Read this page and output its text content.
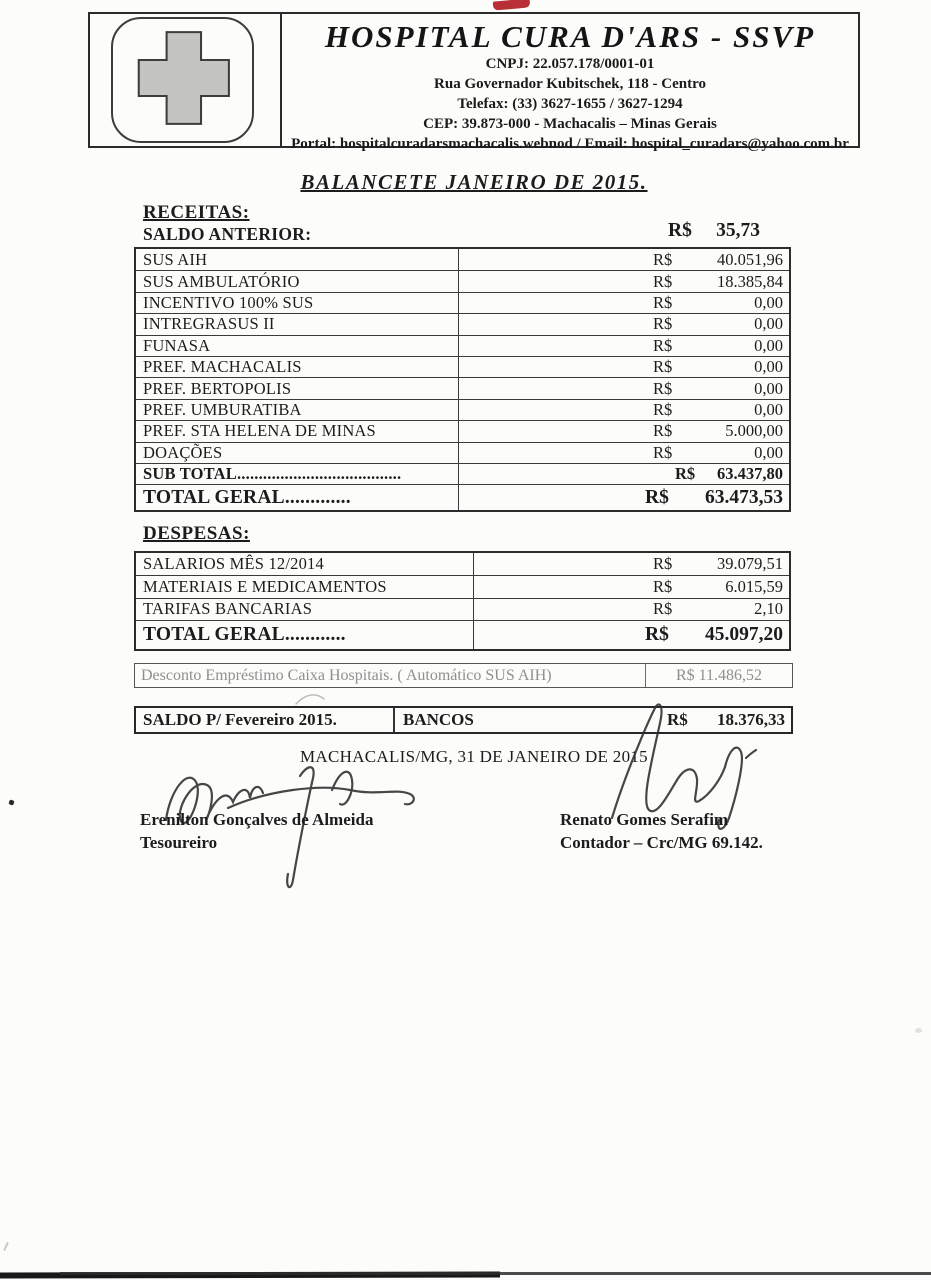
HOSPITAL CURA D'ARS - SSVP
CNPJ: 22.057.178/0001-01
Rua Governador Kubitschek, 118 - Centro
Telefax: (33) 3627-1655 / 3627-1294
CEP: 39.873-000 - Machacalis – Minas Gerais
Portal: hospitalcuradarsmachacalis.webnod / Email: hospital_curadars@yahoo.com.br
BALANCETE JANEIRO DE 2015.
RECEITAS:
SALDO ANTERIOR:	R$ 35,73
SUS AIH	R$	40.051,96
SUS AMBULATÓRIO	R$	18.385,84
INCENTIVO 100% SUS	R$	0,00
INTREGRASUS II	R$	0,00
FUNASA	R$	0,00
PREF. MACHACALIS	R$	0,00
PREF. BERTOPOLIS	R$	0,00
PREF. UMBURATIBA	R$	0,00
PREF. STA HELENA DE MINAS	R$	5.000,00
DOAÇÕES	R$	0,00
SUB TOTAL......................................	R$ 63.437,80
TOTAL GERAL.............	R$ 63.473,53
DESPESAS:
SALARIOS MÊS 12/2014	R$	39.079,51
MATERIAIS E MEDICAMENTOS	R$	6.015,59
TARIFAS BANCARIAS	R$	2,10
TOTAL GERAL............	R$ 45.097,20
Desconto Empréstimo Caixa Hospitais. ( Automático SUS AIH)	R$ 11.486,52
SALDO P/ Fevereiro 2015.	BANCOS	R$ 18.376,33
MACHACALIS/MG, 31 DE JANEIRO DE 2015
Erenilton Gonçalves de Almeida
Tesoureiro
Renato Gomes Serafim
Contador – Crc/MG 69.142.
